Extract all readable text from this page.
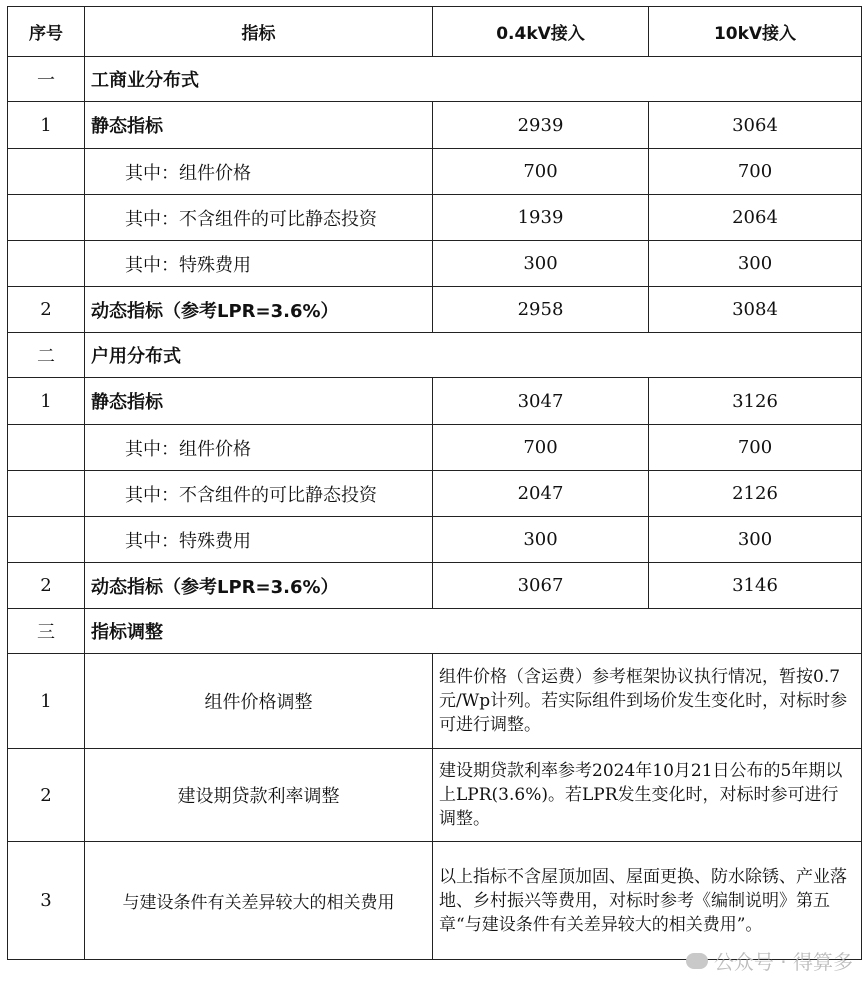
序号	指标	0.4kV接入	10kV接入
一	工商业分布式		
1	静态指标	2939	3064
	其中：组件价格	700	700
	其中：不含组件的可比静态投资	1939	2064
	其中：特殊费用	300	300
2	动态指标（参考LPR=3.6%）	2958	3084
二	户用分布式		
1	静态指标	3047	3126
	其中：组件价格	700	700
	其中：不含组件的可比静态投资	2047	2126
	其中：特殊费用	300	300
2	动态指标（参考LPR=3.6%）	3067	3146
三	指标调整		
1	组件价格调整	组件价格（含运费）参考框架协议执行情况，暂按0.7元/Wp计列。若实际组件到场价发生变化时，对标时参可进行调整。	
2	建设期贷款利率调整	建设期贷款利率参考2024年10月21日公布的5年期以上LPR(3.6%)。若LPR发生变化时，对标时参可进行调整。	
3	与建设条件有关差异较大的相关费用	以上指标不含屋顶加固、屋面更换、防水除锈、产业落地、乡村振兴等费用，对标时参考《编制说明》第五章“与建设条件有关差异较大的相关费用”。	
公众号 · 得算多
